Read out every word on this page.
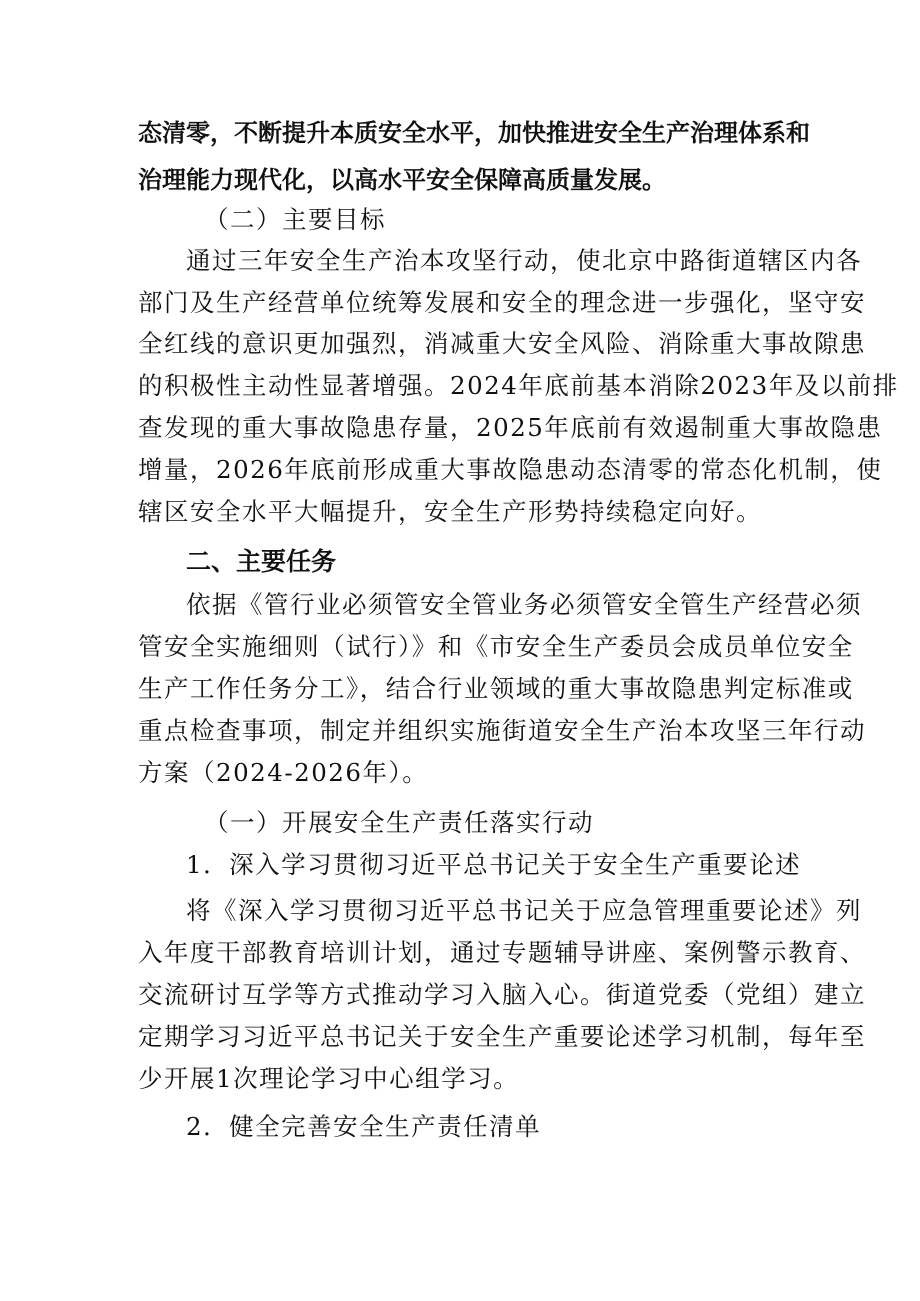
态清零，不断提升本质安全水平，加快推进安全生产治理体系和
治理能力现代化，以高水平安全保障高质量发展。
（二）主要目标
通过三年安全生产治本攻坚行动，使北京中路街道辖区内各
部门及生产经营单位统筹发展和安全的理念进一步强化，坚守安
全红线的意识更加强烈，消减重大安全风险、消除重大事故隙患
的积极性主动性显著增强。2024年底前基本消除2023年及以前排
查发现的重大事故隐患存量，2025年底前有效遏制重大事故隐患
增量，2026年底前形成重大事故隐患动态清零的常态化机制，使
辖区安全水平大幅提升，安全生产形势持续稳定向好。
二、主要任务
依据《管行业必须管安全管业务必须管安全管生产经营必须
管安全实施细则（试行）》和《市安全生产委员会成员单位安全
生产工作任务分工》，结合行业领域的重大事故隐患判定标准或
重点检查事项，制定并组织实施街道安全生产治本攻坚三年行动
方案（2024-2026年）。
（一）开展安全生产责任落实行动
1．深入学习贯彻习近平总书记关于安全生产重要论述
将《深入学习贯彻习近平总书记关于应急管理重要论述》列
入年度干部教育培训计划，通过专题辅导讲座、案例警示教育、
交流研讨互学等方式推动学习入脑入心。街道党委（党组）建立
定期学习习近平总书记关于安全生产重要论述学习机制，每年至
少开展1次理论学习中心组学习。
2．健全完善安全生产责任清单
